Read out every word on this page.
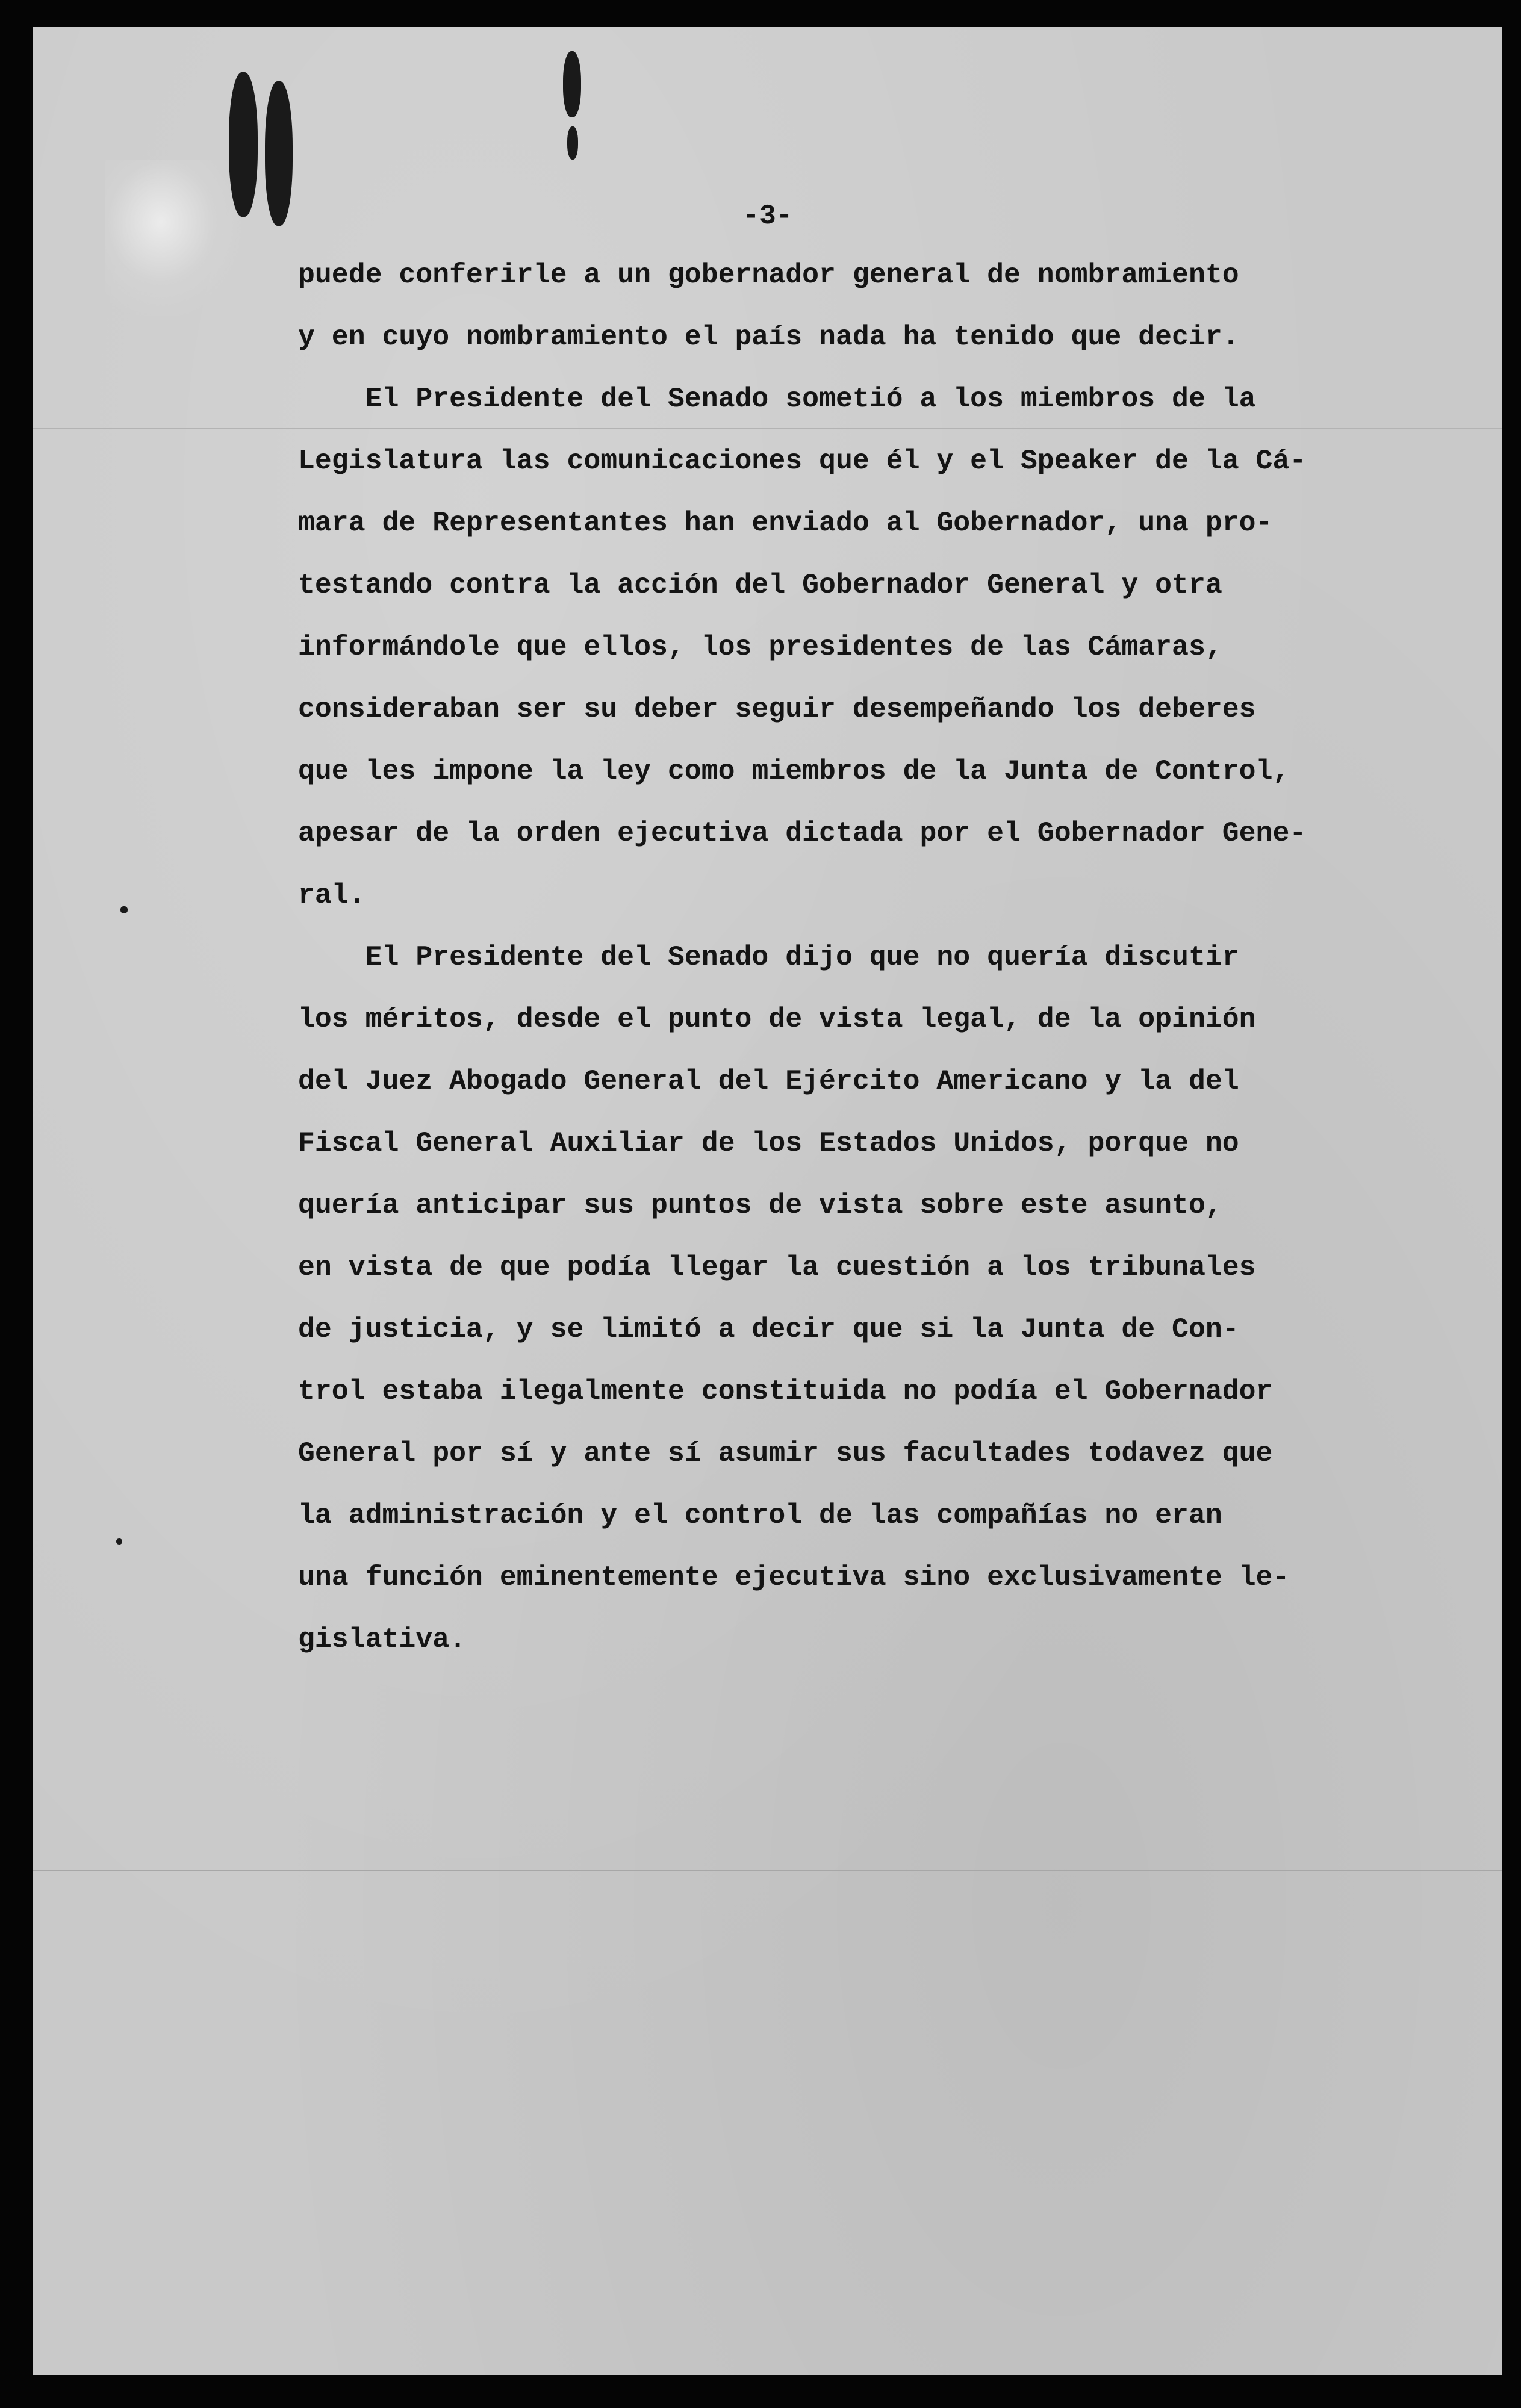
-3-
puede conferirle a un gobernador general de nombramiento
y en cuyo nombramiento el país nada ha tenido que decir.
El Presidente del Senado sometió a los miembros de la
Legislatura las comunicaciones que él y el Speaker de la Cá-
mara de Representantes han enviado al Gobernador, una pro-
testando contra la acción del Gobernador General y otra
informándole que ellos, los presidentes de las Cámaras,
consideraban ser su deber seguir desempeñando los deberes
que les impone la ley como miembros de la Junta de Control,
apesar de la orden ejecutiva dictada por el Gobernador Gene-
ral.
El Presidente del Senado dijo que no quería discutir
los méritos, desde el punto de vista legal, de la opinión
del Juez Abogado General del Ejército Americano y la del
Fiscal General Auxiliar de los Estados Unidos, porque no
quería anticipar sus puntos de vista sobre este asunto,
en vista de que podía llegar la cuestión a los tribunales
de justicia, y se limitó a decir que si la Junta de Con-
trol estaba ilegalmente constituida no podía el Gobernador
General por sí y ante sí asumir sus facultades todavez que
la administración y el control de las compañías no eran
una función eminentemente ejecutiva sino exclusivamente le-
gislativa.
